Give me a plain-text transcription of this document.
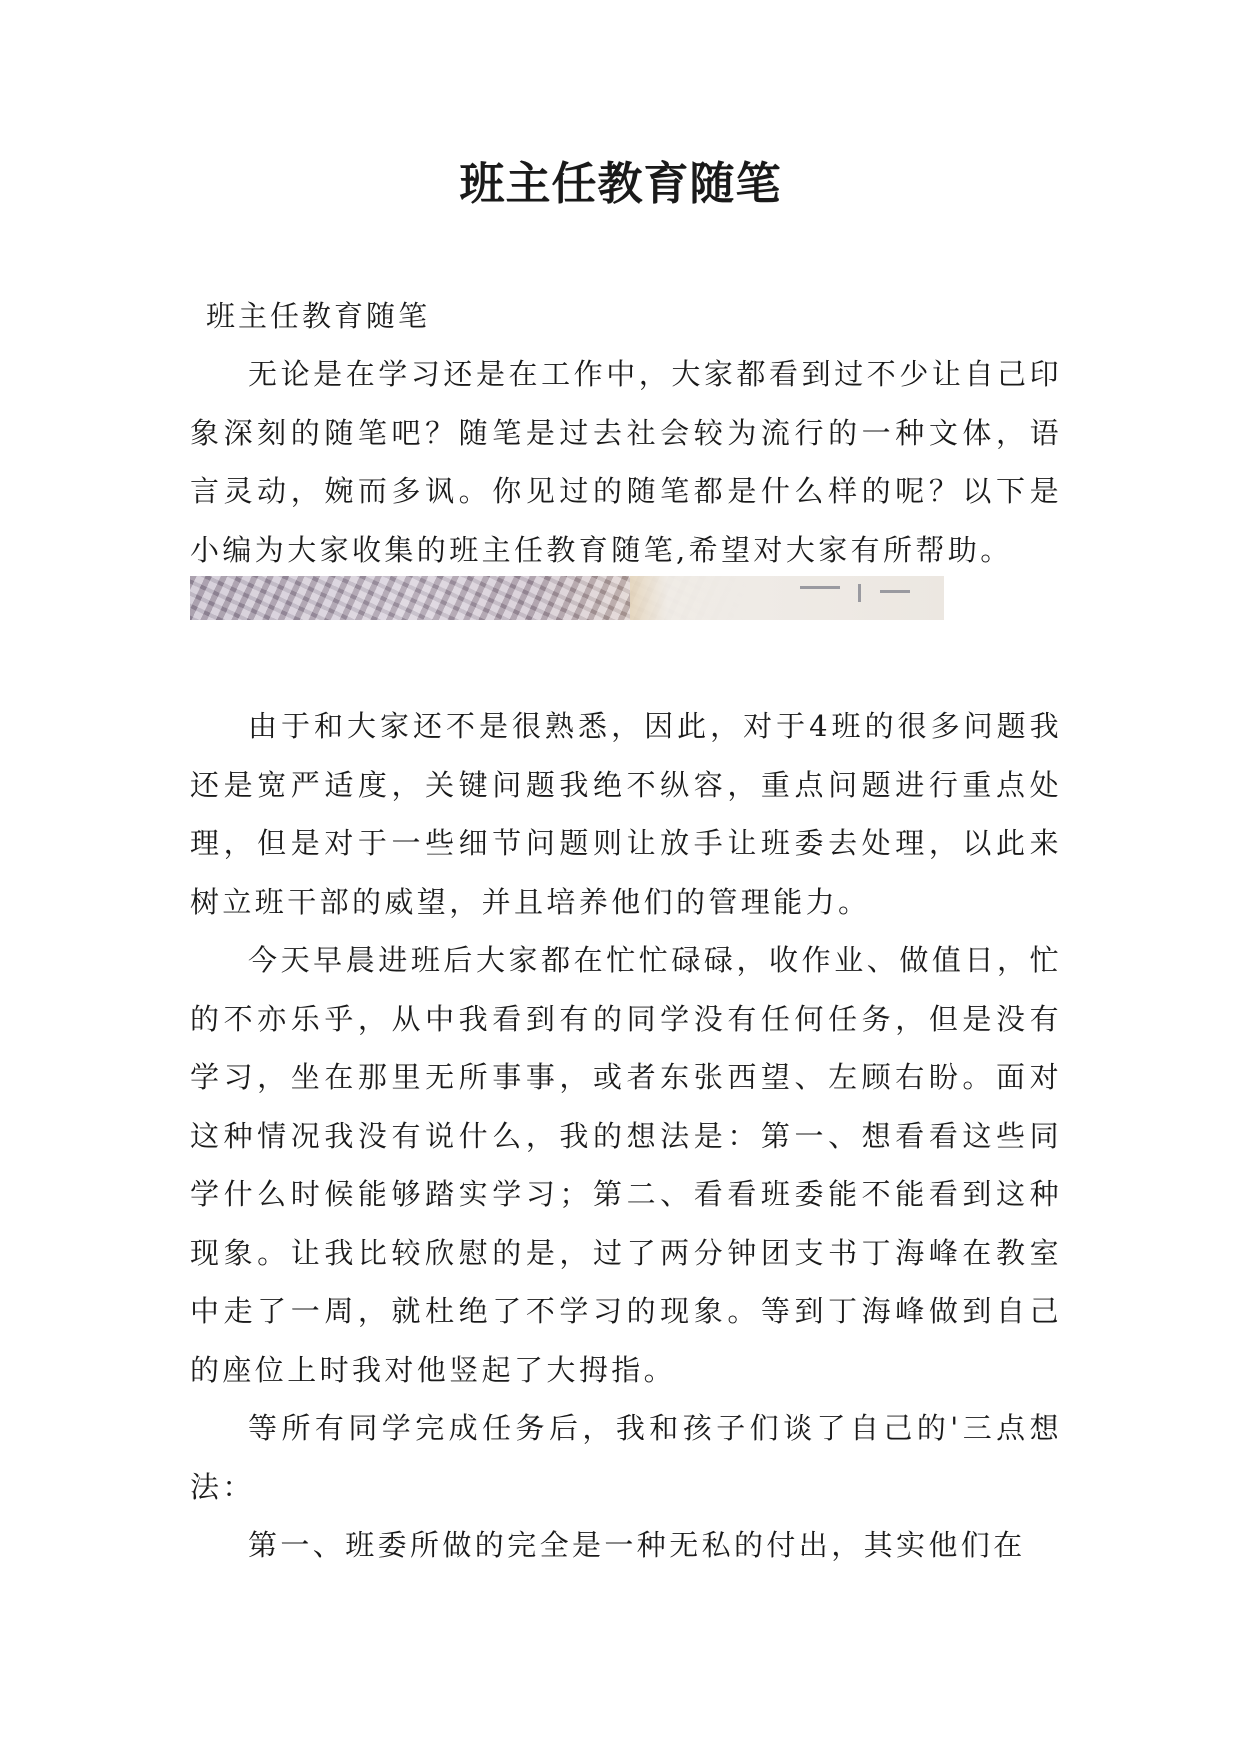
班主任教育随笔

班主任教育随笔

无论是在学习还是在工作中，大家都看到过不少让自己印象深刻的随笔吧？随笔是过去社会较为流行的一种文体，语言灵动，婉而多讽。你见过的随笔都是什么样的呢？以下是小编为大家收集的班主任教育随笔,希望对大家有所帮助。

由于和大家还不是很熟悉，因此，对于4班的很多问题我还是宽严适度，关键问题我绝不纵容，重点问题进行重点处理，但是对于一些细节问题则让放手让班委去处理，以此来树立班干部的威望，并且培养他们的管理能力。

今天早晨进班后大家都在忙忙碌碌，收作业、做值日，忙的不亦乐乎，从中我看到有的同学没有任何任务，但是没有学习，坐在那里无所事事，或者东张西望、左顾右盼。面对这种情况我没有说什么，我的想法是：第一、想看看这些同学什么时候能够踏实学习；第二、看看班委能不能看到这种现象。让我比较欣慰的是，过了两分钟团支书丁海峰在教室中走了一周，就杜绝了不学习的现象。等到丁海峰做到自己的座位上时我对他竖起了大拇指。

等所有同学完成任务后，我和孩子们谈了自己的'三点想法：

第一、班委所做的完全是一种无私的付出，其实他们在
